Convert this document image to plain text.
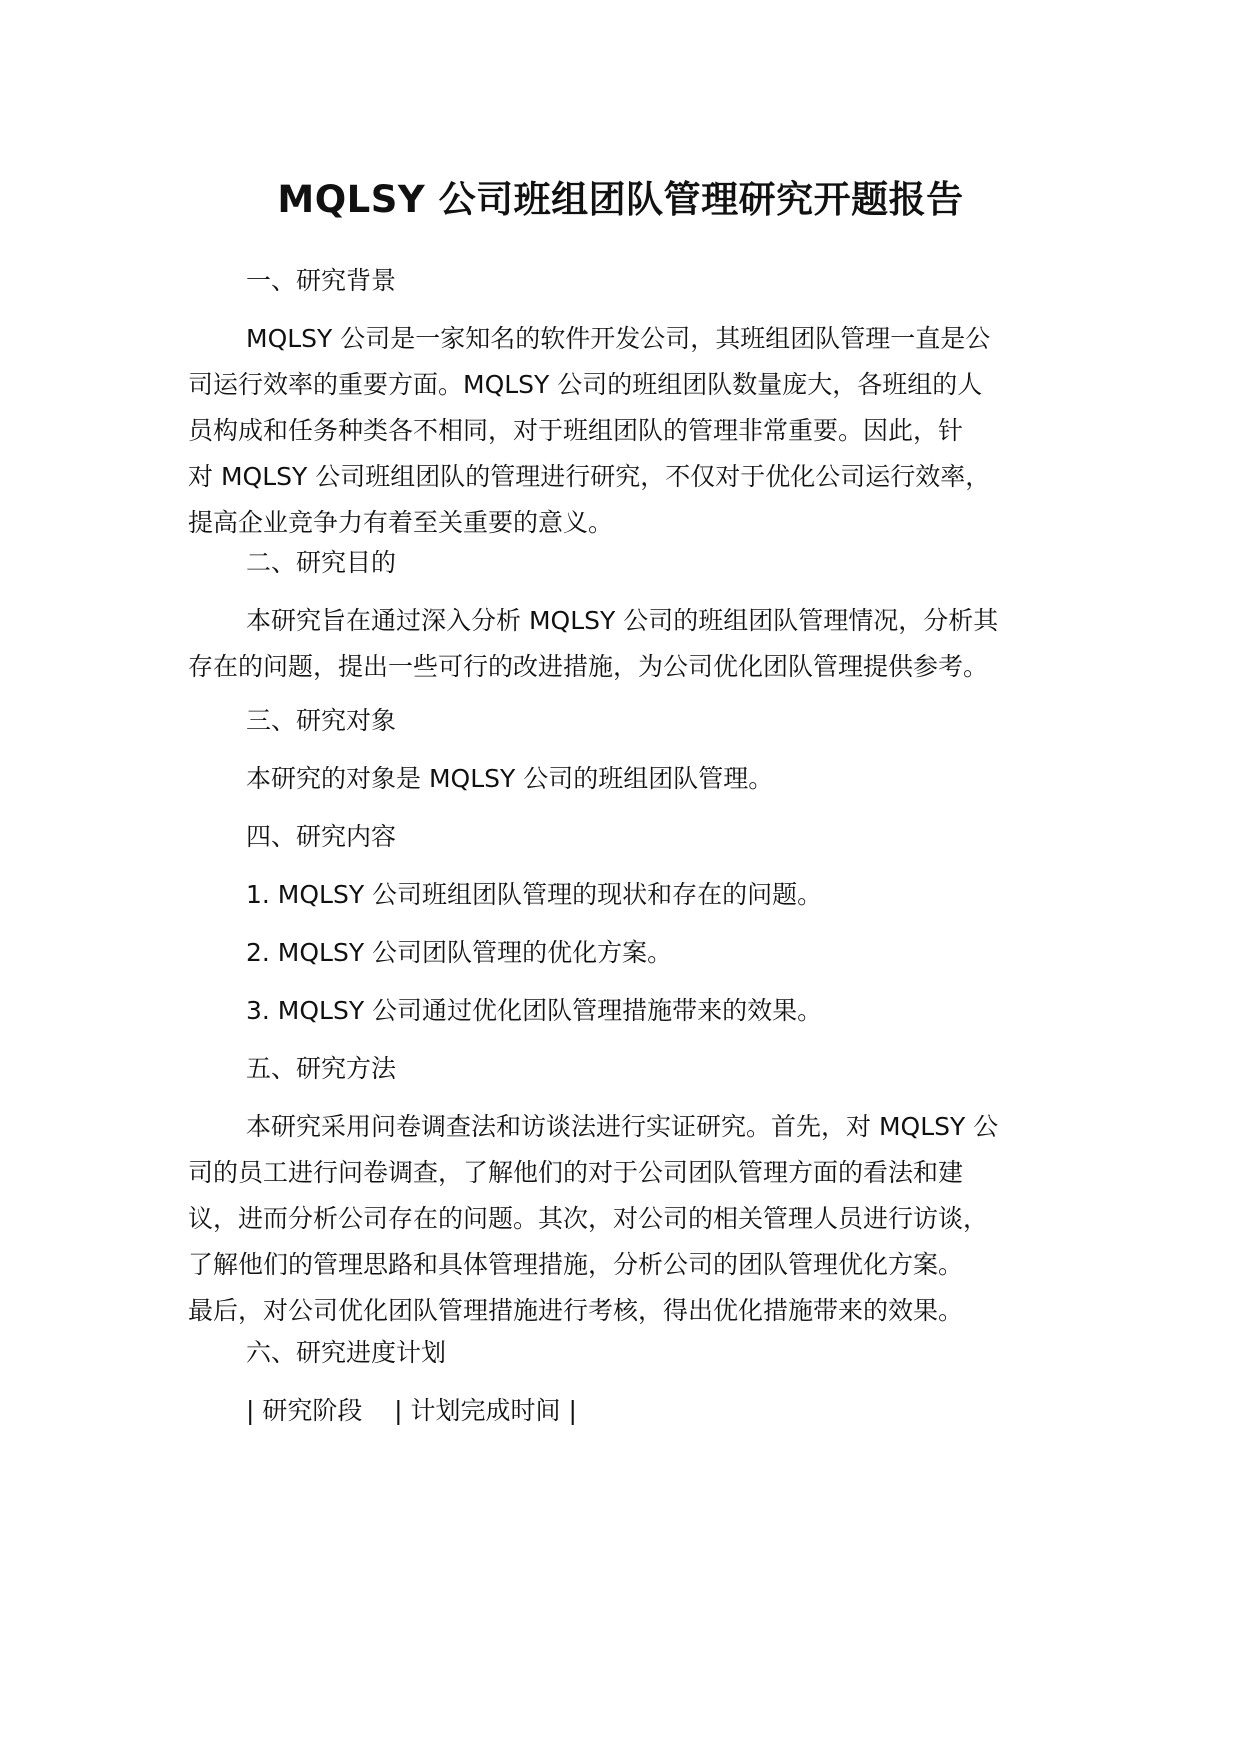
MQLSY 公司班组团队管理研究开题报告
一、研究背景
MQLSY 公司是一家知名的软件开发公司，其班组团队管理一直是公
司运行效率的重要方面。MQLSY 公司的班组团队数量庞大，各班组的人
员构成和任务种类各不相同，对于班组团队的管理非常重要。因此，针
对 MQLSY 公司班组团队的管理进行研究，不仅对于优化公司运行效率，
提高企业竞争力有着至关重要的意义。
二、研究目的
本研究旨在通过深入分析 MQLSY 公司的班组团队管理情况，分析其
存在的问题，提出一些可行的改进措施，为公司优化团队管理提供参考。
三、研究对象
本研究的对象是 MQLSY 公司的班组团队管理。
四、研究内容
1. MQLSY 公司班组团队管理的现状和存在的问题。
2. MQLSY 公司团队管理的优化方案。
3. MQLSY 公司通过优化团队管理措施带来的效果。
五、研究方法
本研究采用问卷调查法和访谈法进行实证研究。首先，对 MQLSY 公
司的员工进行问卷调查，了解他们的对于公司团队管理方面的看法和建
议，进而分析公司存在的问题。其次，对公司的相关管理人员进行访谈，
了解他们的管理思路和具体管理措施，分析公司的团队管理优化方案。
最后，对公司优化团队管理措施进行考核，得出优化措施带来的效果。
六、研究进度计划
| 研究阶段    | 计划完成时间 |
